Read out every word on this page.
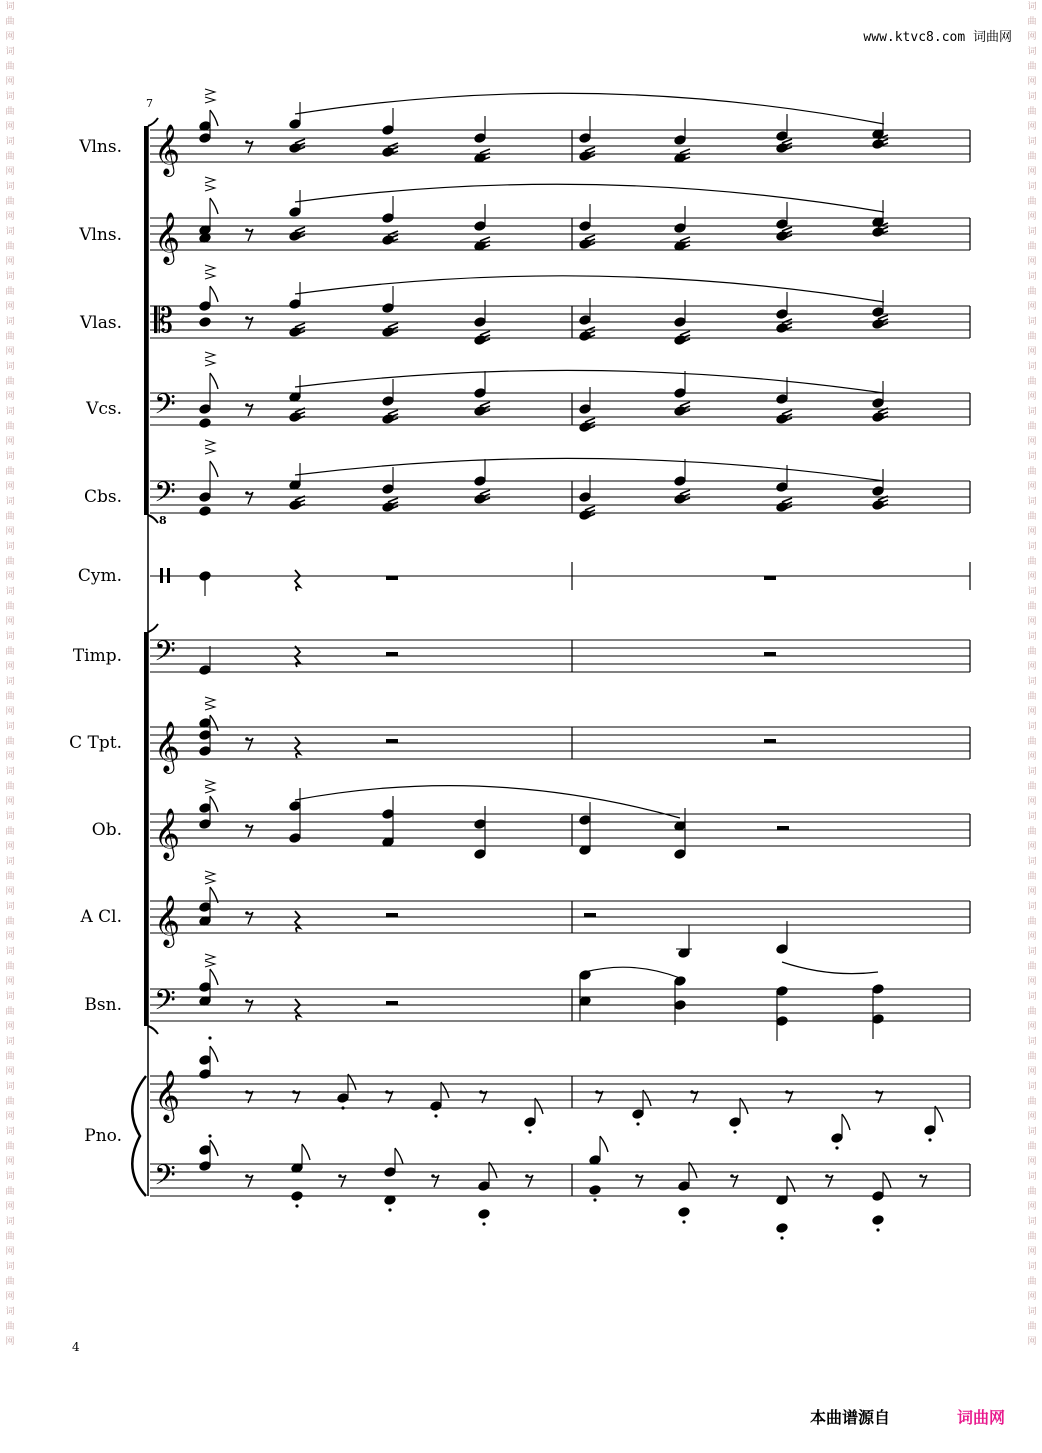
𝄞
𝄞
𝄡
𝄢
𝄢
𝄢
𝄞
𝄞
𝄞
𝄢
𝄞
𝄢
词曲网 词曲网 词曲网 词曲网 词曲网 词曲网 词曲网 词曲网 词曲网 词曲网 词曲网 词曲网 词曲网 词曲网 词曲网 词曲网 词曲网 词曲网 词曲网 词曲网 词曲网 词曲网 词曲网 词曲网 词曲网 词曲网 词曲网 词曲网 词曲网 词曲网
词曲网 词曲网 词曲网 词曲网 词曲网 词曲网 词曲网 词曲网 词曲网 词曲网 词曲网 词曲网 词曲网 词曲网 词曲网 词曲网 词曲网 词曲网 词曲网 词曲网 词曲网 词曲网 词曲网 词曲网 词曲网 词曲网 词曲网 词曲网 词曲网 词曲网
www.ktvc8.com 词曲网
7
8
Vlns.
Vlns.
Vlas.
Vcs.
Cbs.
Cym.
Timp.
C Tpt.
Ob.
A Cl.
Bsn.
Pno.
4
本曲谱源自	词曲网
